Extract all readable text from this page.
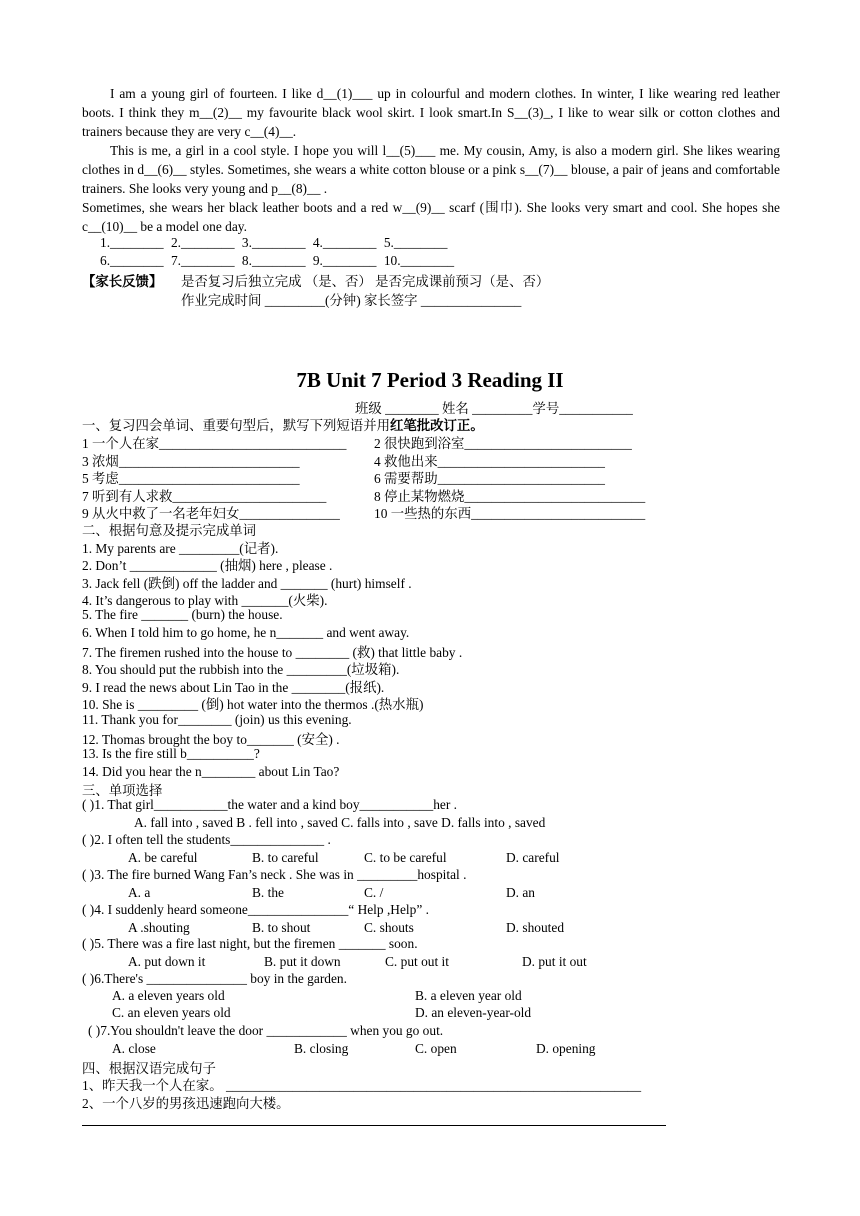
I am a young girl of fourteen. I like d__(1)___ up in colourful and modern clothes. In winter, I like wearing red leather boots. I think they m__(2)__ my favourite black wool skirt. I look smart.In S__(3)_, I like to wear silk or cotton clothes and trainers because they are very c__(4)__.

This is me, a girl in a cool style. I hope you will l__(5)___ me. My cousin, Amy, is also a modern girl. She likes wearing clothes in d__(6)__ styles. Sometimes, she wears a white cotton blouse or a pink s__(7)__ blouse, a pair of jeans and comfortable trainers. She looks very young and p__(8)__ .

Sometimes, she wears her black leather boots and a red w__(9)__ scarf (围巾). She looks very smart and cool. She hopes she c__(10)__ be a model one day.

1.________ 2.________ 3.________ 4.________ 5.________
6.________ 7.________ 8.________ 9.________ 10.________
【家长反馈】 是否复习后独立完成 （是、否） 是否完成课前预习（是、否）
作业完成时间 _________(分钟) 家长签字 _______________
7B Unit 7 Period 3 Reading II
班级 ________ 姓名 _________学号___________
一、复习四会单词、重要句型后，默写下列短语并用红笔批改订正。
1 一个人在家____________________________ 2 很快跑到浴室_________________________
3 浓烟___________________________	4 救他出来_________________________
5 考虑___________________________	6 需要帮助_________________________
7 听到有人求救_______________________	8 停止某物燃烧___________________________
9 从火中救了一名老年妇女_______________	10 一些热的东西__________________________
二、根据句意及提示完成单词
1. My parents are _________(记者).
2. Don’t _____________ (抽烟) here , please .
3. Jack fell (跌倒) off the ladder and _______ (hurt) himself .
4. It’s dangerous to play with _______(火柴).
5. The fire _______ (burn) the house.
6. When I told him to go home, he n_______ and went away.
7. The firemen rushed into the house to ________ (救) that little baby .
8. You should put the rubbish into the _________(垃圾箱).
9. I read the news about Lin Tao in the ________(报纸).
10. She is _________ (倒) hot water into the thermos .(热水瓶)
11. Thank you for________ (join) us this evening.
12. Thomas brought the boy to_______ (安全) .
13. Is the fire still b__________?
14. Did you hear the n________ about Lin Tao?
三、单项选择
( )1. That girl___________the water and a kind boy___________her .
A. fall into , saved B . fell into , saved C. falls into , save D. falls into , saved
( )2. I often tell the students______________ .
A. be careful	B. to careful	C. to be careful	D. careful
( )3. The fire burned Wang Fan’s neck . She was in _________hospital .
A. a	B. the	C. /	D. an
( )4. I suddenly heard someone_______________“ Help ,Help” .
A .shouting	B. to shout	C. shouts	D. shouted
( )5. There was a fire last night, but the firemen _______ soon.
A. put down it	B. put it down	C. put out it	D. put it out
( )6.There's _______________ boy in the garden.
A. a eleven years old	B. a eleven year old
C. an eleven years old	D. an eleven-year-old
( )7.You shouldn't leave the door ____________ when you go out.
A. close	B. closing	C. open	D. opening
四、根据汉语完成句子
1、昨天我一个人在家。 ______________________________________________________________
2、一个八岁的男孩迅速跑向大楼。
